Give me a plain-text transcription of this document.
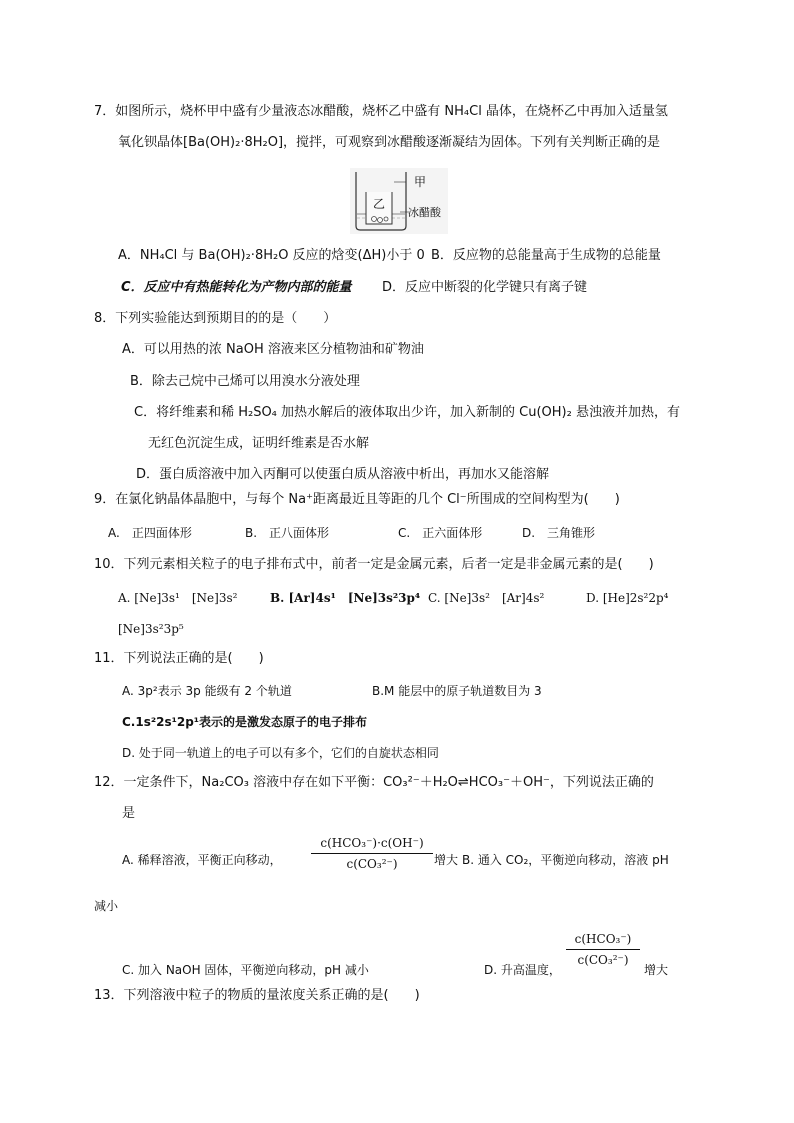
7．如图所示，烧杯甲中盛有少量液态冰醋酸，烧杯乙中盛有 NH₄Cl 晶体，在烧杯乙中再加入适量氢
氧化钡晶体[Ba(OH)₂·8H₂O]，搅拌，可观察到冰醋酸逐渐凝结为固体。下列有关判断正确的是
甲
乙
冰醋酸
A．NH₄Cl 与 Ba(OH)₂·8H₂O 反应的焓变(ΔH)小于 0 B．反应物的总能量高于生成物的总能量
C．反应中有热能转化为产物内部的能量 D．反应中断裂的化学键只有离子键
8．下列实验能达到预期目的的是（　　）
A．可以用热的浓 NaOH 溶液来区分植物油和矿物油
B．除去己烷中己烯可以用溴水分液处理
C．将纤维素和稀 H₂SO₄ 加热水解后的液体取出少许，加入新制的 Cu(OH)₂ 悬浊液并加热，有
无红色沉淀生成，证明纤维素是否水解
D．蛋白质溶液中加入丙酮可以使蛋白质从溶液中析出，再加水又能溶解
9．在氯化钠晶体晶胞中，与每个 Na⁺距离最近且等距的几个 Cl⁻所围成的空间构型为(　　)
A.　正四面体形	B.　正八面体形	C.　正六面体形	D.　三角锥形
10．下列元素相关粒子的电子排布式中，前者一定是金属元素，后者一定是非金属元素的是(　　)
A. [Ne]3s¹　[Ne]3s²	B. [Ar]4s¹　[Ne]3s²3p⁴ C. [Ne]3s²　[Ar]4s²	D. [He]2s²2p⁴
[Ne]3s²3p⁵
11．下列说法正确的是(　　)
A. 3p²表示 3p 能级有 2 个轨道	B.M 能层中的原子轨道数目为 3
C.1s²2s¹2p¹表示的是激发态原子的电子排布
D. 处于同一轨道上的电子可以有多个，它们的自旋状态相同
12．一定条件下，Na₂CO₃ 溶液中存在如下平衡：CO₃²⁻＋H₂O⇌HCO₃⁻＋OH⁻，下列说法正确的
是
A. 稀释溶液，平衡正向移动，
c(HCO₃⁻)·c(OH⁻)
c(CO₃²⁻)	增大 B. 通入 CO₂，平衡逆向移动，溶液 pH
减小
C. 加入 NaOH 固体，平衡逆向移动，pH 减小	D. 升高温度，
c(HCO₃⁻)
c(CO₃²⁻)
增大
13．下列溶液中粒子的物质的量浓度关系正确的是(　　)
